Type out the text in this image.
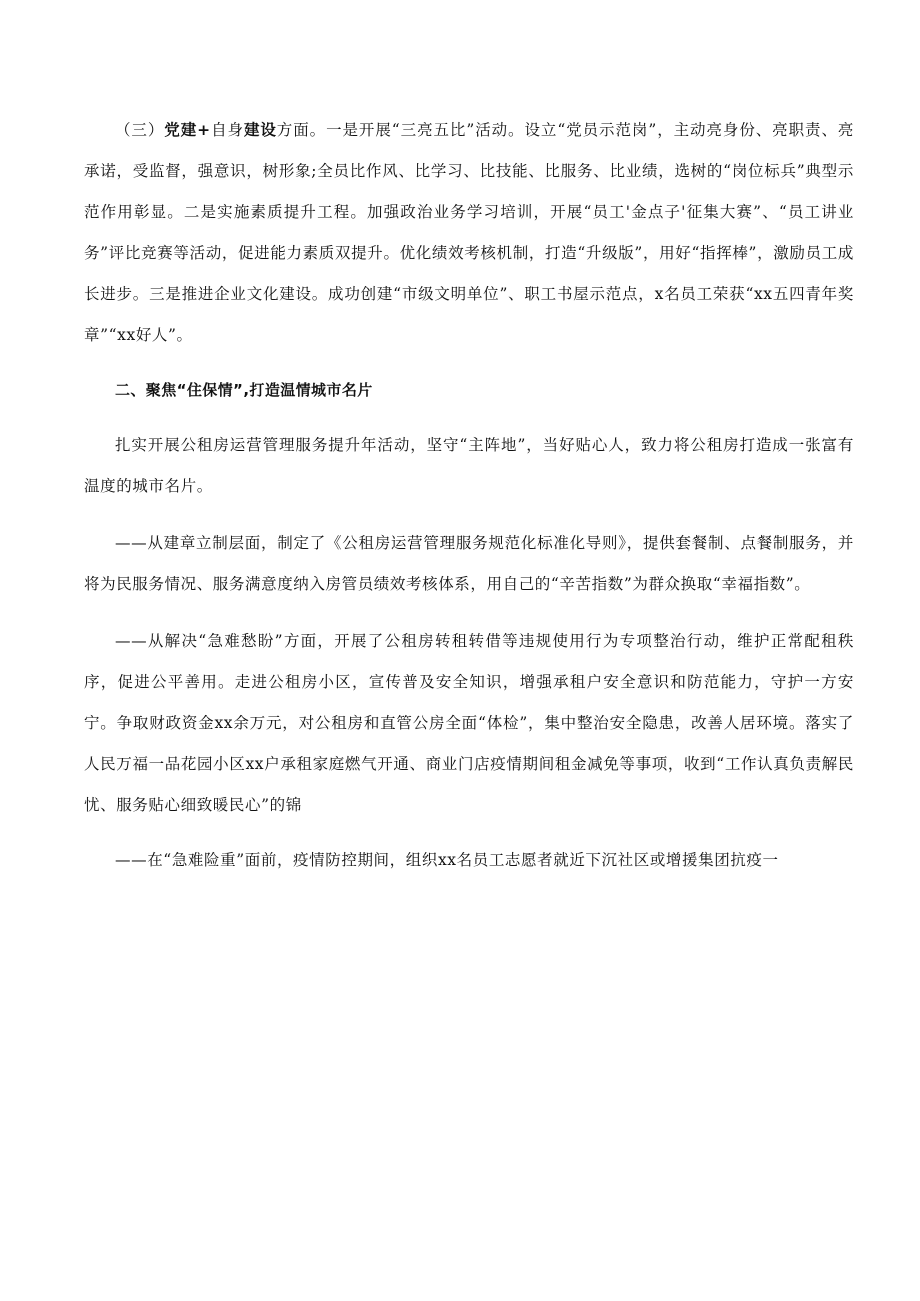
（三）党建+自身建设方面。一是开展“三亮五比”活动。设立“党员示范岗”，主动亮身份、亮职责、亮承诺，受监督，强意识，树形象;全员比作风、比学习、比技能、比服务、比业绩，选树的“岗位标兵”典型示范作用彰显。二是实施素质提升工程。加强政治业务学习培训，开展“员工'金点子'征集大赛”、“员工讲业务”评比竞赛等活动，促进能力素质双提升。优化绩效考核机制，打造“升级版”，用好“指挥棒”，激励员工成长进步。三是推进企业文化建设。成功创建“市级文明单位”、职工书屋示范点，x名员工荣获“xx五四青年奖章”“xx好人”。

二、聚焦“住保情”,打造温情城市名片

扎实开展公租房运营管理服务提升年活动，坚守“主阵地”，当好贴心人，致力将公租房打造成一张富有温度的城市名片。

——从建章立制层面，制定了《公租房运营管理服务规范化标准化导则》，提供套餐制、点餐制服务，并将为民服务情况、服务满意度纳入房管员绩效考核体系，用自己的“辛苦指数”为群众换取“幸福指数”。

——从解决“急难愁盼”方面，开展了公租房转租转借等违规使用行为专项整治行动，维护正常配租秩序，促进公平善用。走进公租房小区，宣传普及安全知识，增强承租户安全意识和防范能力，守护一方安宁。争取财政资金xx余万元，对公租房和直管公房全面“体检”，集中整治安全隐患，改善人居环境。落实了人民万福一品花园小区xx户承租家庭燃气开通、商业门店疫情期间租金减免等事项，收到“工作认真负责解民忧、服务贴心细致暖民心”的锦

——在“急难险重”面前，疫情防控期间，组织xx名员工志愿者就近下沉社区或增援集团抗疫一
